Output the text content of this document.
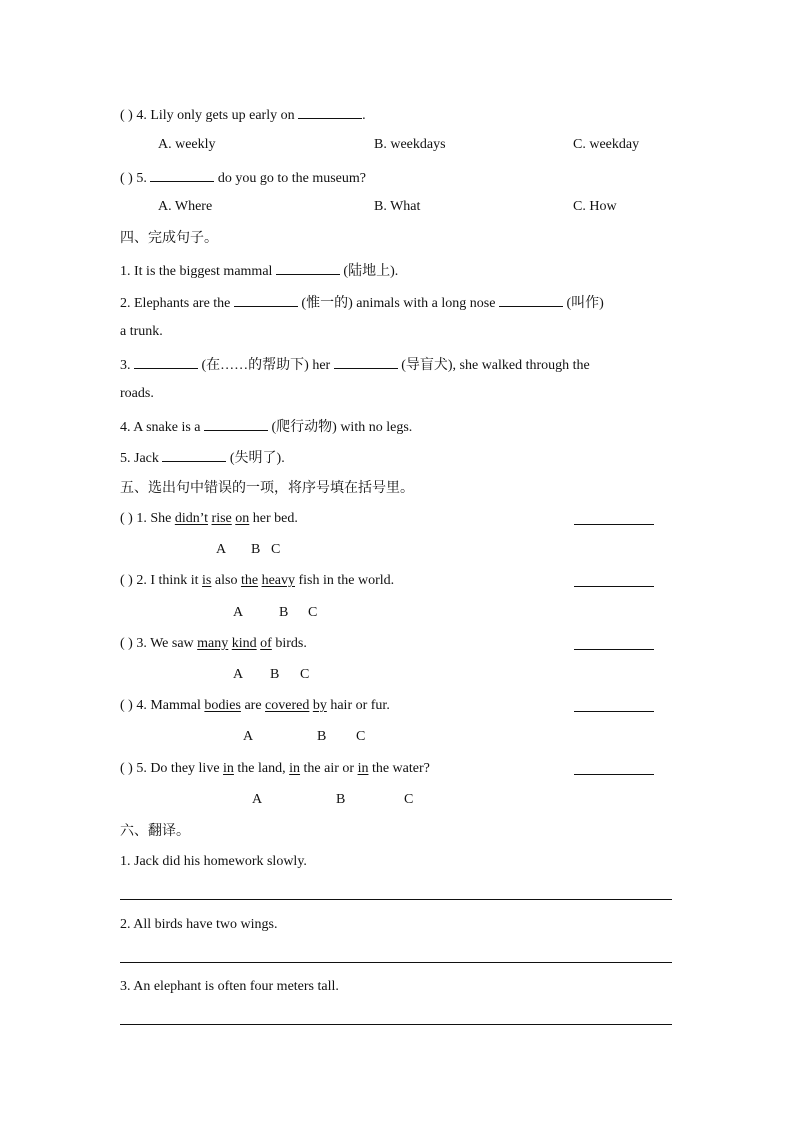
( ) 4. Lily only gets up early on	.
A. weekly	B. weekdays	C. weekday
( ) 5.	do you go to the museum?
A. Where	B. What	C. How
四、完成句子。
1. It is the biggest mammal	(陆地上).
2. Elephants are the	(惟一的) animals with a long nose	(叫作)
a trunk.
3.	(在……的帮助下) her	(导盲犬), she walked through the
roads.
4. A snake is a	(爬行动物) with no legs.
5. Jack	(失明了).
五、选出句中错误的一项，将序号填在括号里。
( ) 1. She didn’t rise on her bed.
A B C
( ) 2. I think it is also the heavy fish in the world.
A	B C
( ) 3. We saw many kind of birds.
A B C
( ) 4. Mammal bodies are covered by hair or fur.
A	B C
( ) 5. Do they live in the land, in the air or in the water?
A	B	C
六、翻译。
1. Jack did his homework slowly.
2. All birds have two wings.
3. An elephant is often four meters tall.
